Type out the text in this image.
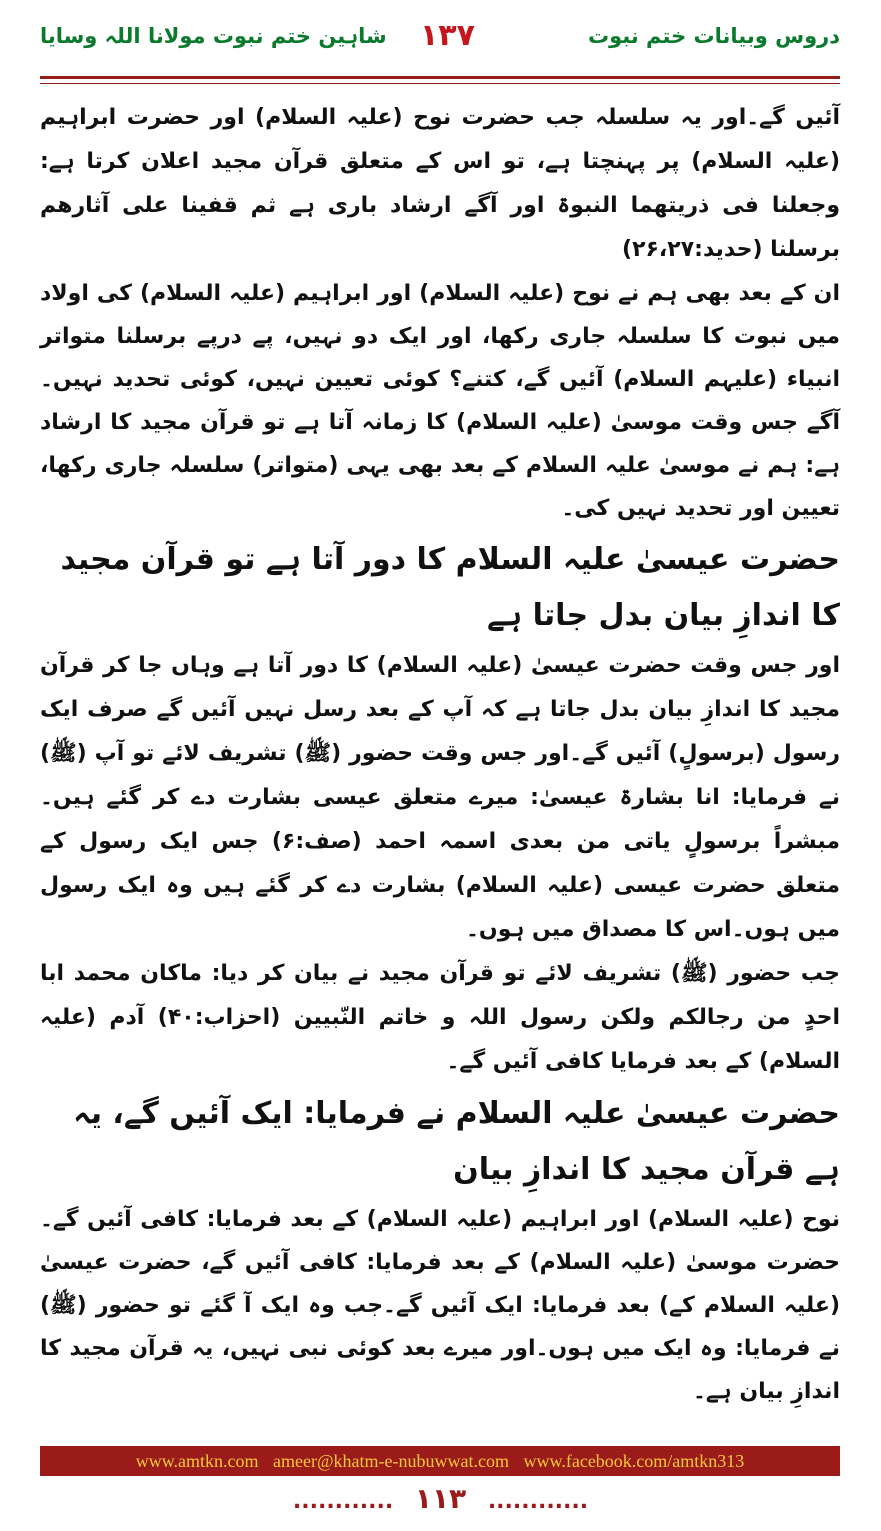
شاہین ختم نبوت مولانا اللہ وسایا ۱۳۷	دروس وبیانات ختم نبوت

آئیں گے۔اور یہ سلسلہ جب حضرت نوح (علیہ السلام) اور حضرت ابراہیم (علیہ السلام) پر پہنچتا ہے، تو اس کے متعلق قرآن مجید اعلان کرتا ہے: وجعلنا فی ذریتھما النبوۃ اور آگے ارشاد باری ہے ثم قفینا علی آثارھم برسلنا (حدید:۲۶،۲۷)

ان کے بعد بھی ہم نے نوح (علیہ السلام) اور ابراہیم (علیہ السلام) کی اولاد میں نبوت کا سلسلہ جاری رکھا، اور ایک دو نہیں، پے درپے برسلنا متواتر انبیاء (علیہم السلام) آئیں گے، کتنے؟ کوئی تعیین نہیں، کوئی تحدید نہیں۔آگے جس وقت موسیٰ (علیہ السلام) کا زمانہ آتا ہے تو قرآن مجید کا ارشاد ہے: ہم نے موسیٰ علیہ السلام کے بعد بھی یہی (متواتر) سلسلہ جاری رکھا، تعیین اور تحدید نہیں کی۔

حضرت عیسیٰ علیہ السلام کا دور آتا ہے تو قرآن مجید کا اندازِ بیان بدل جاتا ہے

اور جس وقت حضرت عیسیٰ (علیہ السلام) کا دور آتا ہے وہاں جا کر قرآن مجید کا اندازِ بیان بدل جاتا ہے کہ آپ کے بعد رسل نہیں آئیں گے صرف ایک رسول (برسولٍ) آئیں گے۔اور جس وقت حضور (ﷺ) تشریف لائے تو آپ (ﷺ) نے فرمایا: انا بشارۃ عیسیٰ: میرے متعلق عیسی بشارت دے کر گئے ہیں۔مبشراً برسولٍ یاتی من بعدی اسمہ احمد (صف:۶) جس ایک رسول کے متعلق حضرت عیسی (علیہ السلام) بشارت دے کر گئے ہیں وہ ایک رسول میں ہوں۔اس کا مصداق میں ہوں۔

جب حضور (ﷺ) تشریف لائے تو قرآن مجید نے بیان کر دیا: ماکان محمد ابا احدٍ من رجالکم ولکن رسول اللہ و خاتم النّبیین (احزاب:۴۰) آدم (علیہ السلام) کے بعد فرمایا کافی آئیں گے۔

حضرت عیسیٰ علیہ السلام نے فرمایا: ایک آئیں گے، یہ ہے قرآن مجید کا اندازِ بیان

نوح (علیہ السلام) اور ابراہیم (علیہ السلام) کے بعد فرمایا: کافی آئیں گے۔حضرت موسیٰ (علیہ السلام) کے بعد فرمایا: کافی آئیں گے، حضرت عیسیٰ (علیہ السلام کے) بعد فرمایا: ایک آئیں گے۔جب وہ ایک آ گئے تو حضور (ﷺ) نے فرمایا: وہ ایک میں ہوں۔اور میرے بعد کوئی نبی نہیں، یہ قرآن مجید کا اندازِ بیان ہے۔

www.amtkn.com ameer@khatm-e-nubuwwat.com www.facebook.com/amtkn313
............ ۱۱۳ ............
